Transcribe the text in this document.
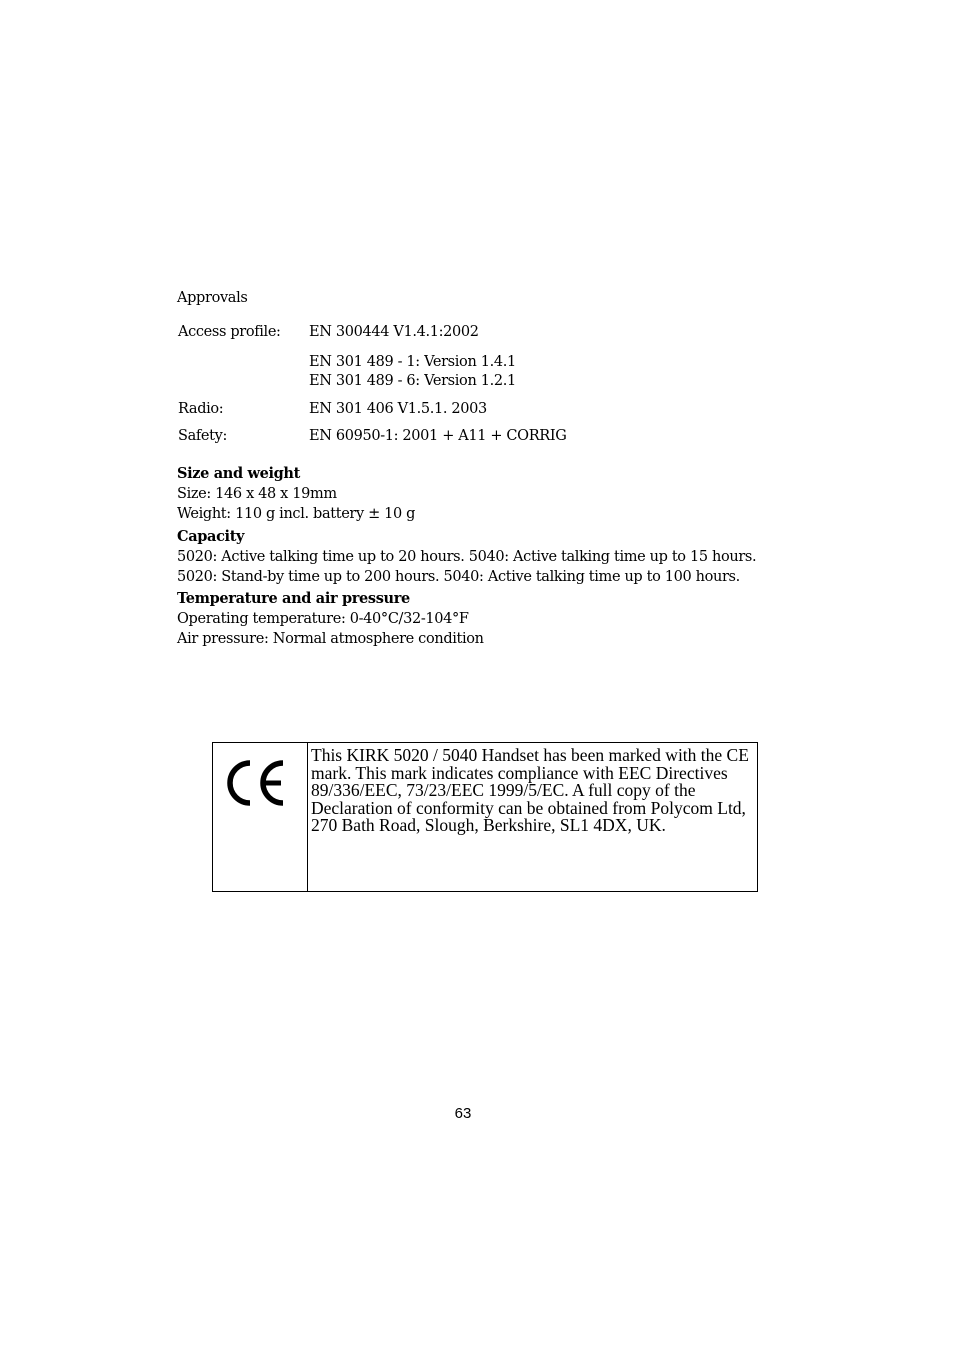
Approvals
Access profile: EN 300444 V1.4.1:2002
EN 301 489 - 1: Version 1.4.1
EN 301 489 - 6: Version 1.2.1
Radio:	EN 301 406 V1.5.1. 2003
Safety:	EN 60950-1: 2001 + A11 + CORRIG
Size and weight
Size: 146 x 48 x 19mm
Weight: 110 g incl. battery ± 10 g
Capacity
5020: Active talking time up to 20 hours. 5040: Active talking time up to 15 hours.
5020: Stand-by time up to 200 hours. 5040: Active talking time up to 100 hours.
Temperature and air pressure
Operating temperature: 0-40°C/32-104°F
Air pressure: Normal atmosphere condition
This KIRK 5020 / 5040 Handset has been marked with the CE mark. This mark indicates compliance with EEC Directives 89/336/EEC, 73/23/EEC 1999/5/EC. A full copy of the Declaration of conformity can be obtained from Polycom Ltd, 270 Bath Road, Slough, Berkshire, SL1 4DX, UK.
63
